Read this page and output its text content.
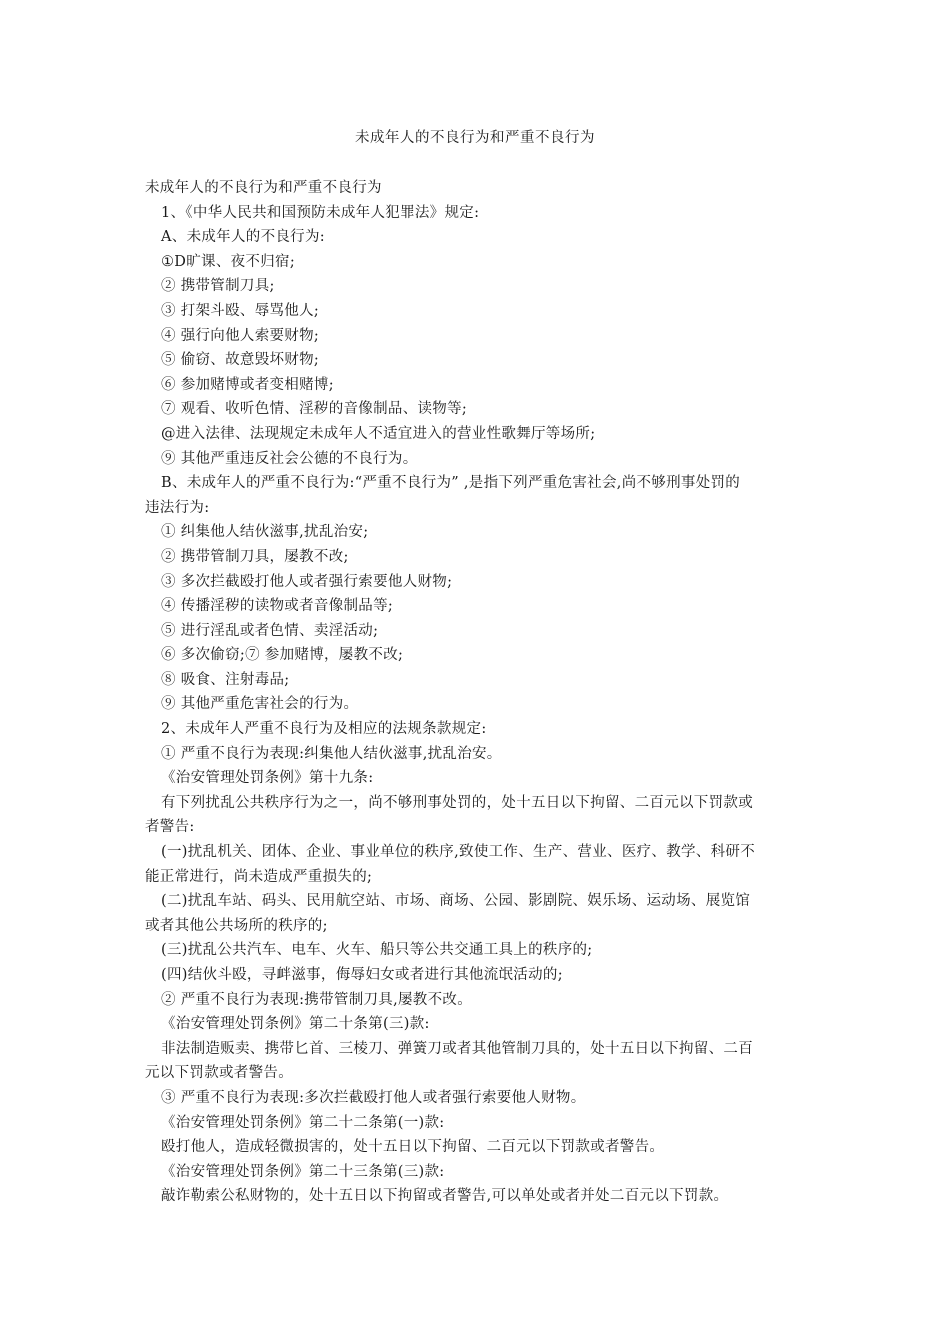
未成年人的不良行为和严重不良行为

未成年人的不良行为和严重不良行为

1、《中华人民共和国预防未成年人犯罪法》规定:

A、未成年人的不良行为:

①D旷课、夜不归宿;

② 携带管制刀具;

③ 打架斗殴、辱骂他人;

④ 强行向他人索要财物;

⑤ 偷窃、故意毁坏财物;

⑥ 参加赌博或者变相赌博;

⑦ 观看、收听色情、淫秽的音像制品、读物等;

@进入法律、法现规定未成年人不适宜进入的营业性歌舞厅等场所;

⑨ 其他严重违反社会公德的不良行为。

B、未成年人的严重不良行为:“严重不良行为” ,是指下列严重危害社会,尚不够刑事处罚的

违法行为:

① 纠集他人结伙滋事,扰乱治安;

② 携带管制刀具，屡教不改;

③ 多次拦截殴打他人或者强行索要他人财物;

④ 传播淫秽的读物或者音像制品等;

⑤ 进行淫乱或者色情、卖淫活动;

⑥ 多次偷窃;⑦ 参加赌博，屡教不改;

⑧ 吸食、注射毒品;

⑨ 其他严重危害社会的行为。

2、未成年人严重不良行为及相应的法规条款规定:

① 严重不良行为表现:纠集他人结伙滋事,扰乱治安。

《治安管理处罚条例》第十九条:

有下列扰乱公共秩序行为之一，尚不够刑事处罚的，处十五日以下拘留、二百元以下罚款或

者警告:

(一)扰乱机关、团体、企业、事业单位的秩序,致使工作、生产、营业、医疗、教学、科研不

能正常进行，尚未造成严重损失的;

(二)扰乱车站、码头、民用航空站、市场、商场、公园、影剧院、娱乐场、运动场、展览馆

或者其他公共场所的秩序的;

(三)扰乱公共汽车、电车、火车、船只等公共交通工具上的秩序的;

(四)结伙斗殴，寻衅滋事，侮辱妇女或者进行其他流氓活动的;

② 严重不良行为表现:携带管制刀具,屡教不改。

《治安管理处罚条例》第二十条第(三)款:

非法制造贩卖、携带匕首、三棱刀、弹簧刀或者其他管制刀具的，处十五日以下拘留、二百

元以下罚款或者警告。

③ 严重不良行为表现:多次拦截殴打他人或者强行索要他人财物。

《治安管理处罚条例》第二十二条第(一)款:

殴打他人，造成轻微损害的，处十五日以下拘留、二百元以下罚款或者警告。

《治安管理处罚条例》第二十三条第(三)款:

敲诈勒索公私财物的，处十五日以下拘留或者警告,可以单处或者并处二百元以下罚款。
